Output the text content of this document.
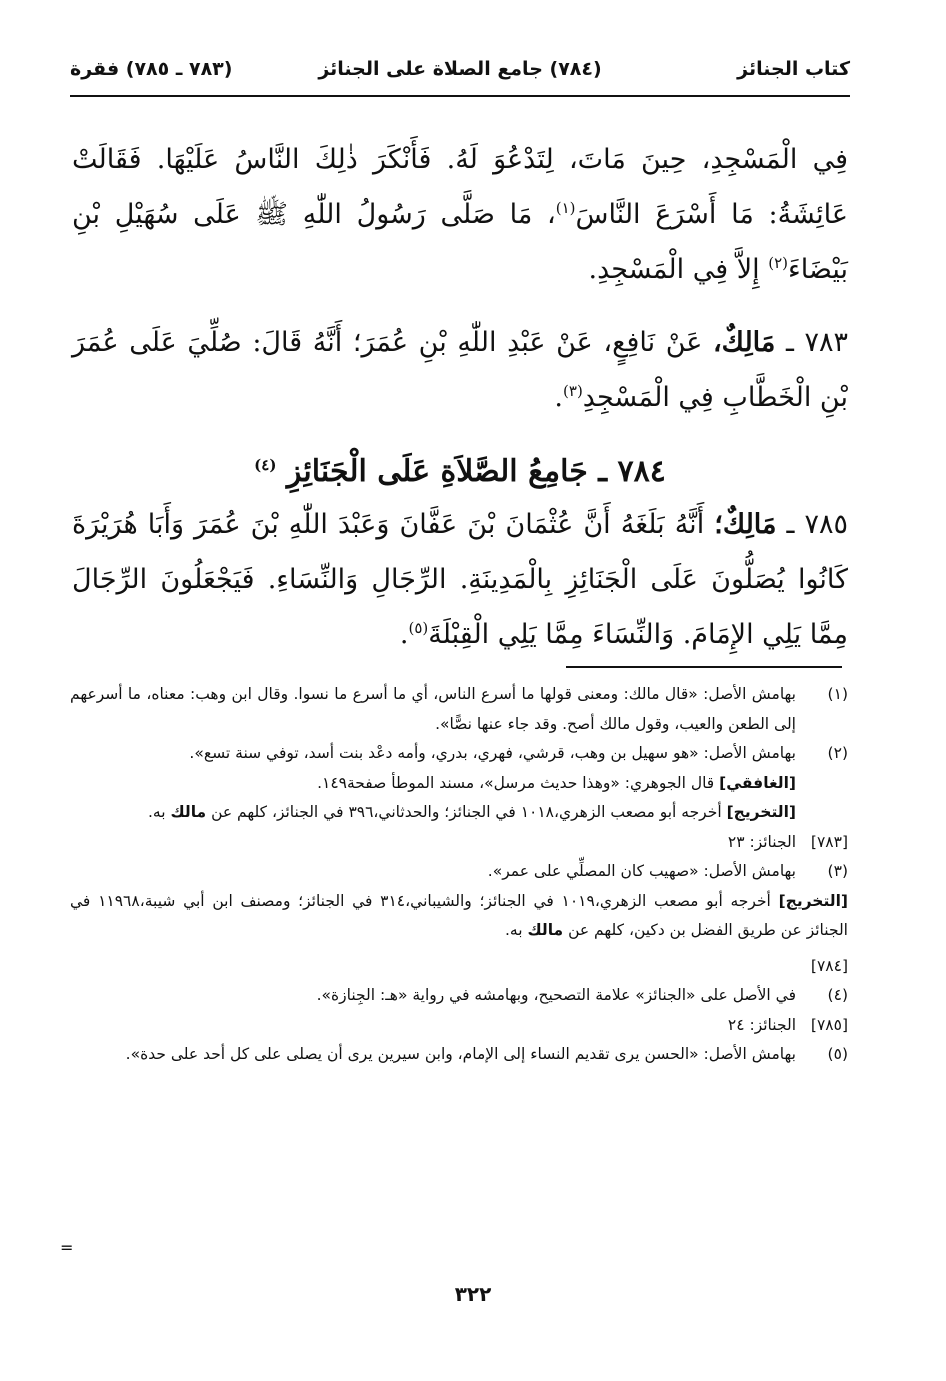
كتاب الجنائز
(٧٨٤) جامع الصلاة على الجنائز
(٧٨٣ ـ ٧٨٥) فقرة

فِي الْمَسْجِدِ، حِينَ مَاتَ، لِتَدْعُوَ لَهُ. فَأَنْكَرَ ذٰلِكَ النَّاسُ عَلَيْهَا. فَقَالَتْ عَائِشَةُ: مَا أَسْرَعَ النَّاسَ$^{(١)}$، مَا صَلَّى رَسُولُ اللّٰهِ ﷺ عَلَى سُهَيْلِ بْنِ بَيْضَاءَ$^{(٢)}$ إِلاَّ فِي الْمَسْجِدِ.

٧٨٣ ـ مَالِكٌ، عَنْ نَافِعٍ، عَنْ عَبْدِ اللّٰهِ بْنِ عُمَرَ؛ أَنَّهُ قَالَ: صُلِّيَ عَلَى عُمَرَ بْنِ الْخَطَّابِ فِي الْمَسْجِدِ$^{(٣)}$.

٧٨٤ ـ جَامِعُ الصَّلاَةِ عَلَى الْجَنَائِزِ $^{(٤)}$

٧٨٥ ـ مَالِكٌ؛ أَنَّهُ بَلَغَهُ أَنَّ عُثْمَانَ بْنَ عَفَّانَ وَعَبْدَ اللّٰهِ بْنَ عُمَرَ وَأَبَا هُرَيْرَةَ كَانُوا يُصَلُّونَ عَلَى الْجَنَائِزِ بِالْمَدِينَةِ. الرِّجَالِ وَالنِّسَاءِ. فَيَجْعَلُونَ الرِّجَالَ مِمَّا يَلِي الإِمَامَ. وَالنِّسَاءَ مِمَّا يَلِي الْقِبْلَةَ$^{(٥)}$.

(١)
بهامش الأصل: «قال مالك: ومعنى قولها ما أسرع الناس، أي ما أسرع ما نسوا. وقال ابن وهب: معناه، ما أسرعهم إلى الطعن والعيب، وقول مالك أصح. وقد جاء عنها نصًّا».
(٢)
بهامش الأصل: «هو سهيل بن وهب، قرشي، فهري، بدري، وأمه دعْد بنت أسد، توفي سنة تسع».
[الغافقي] قال الجوهري: «وهذا حديث مرسل»، مسند الموطأ صفحة١٤٩.
[التخريج] أخرجه أبو مصعب الزهري،١٠١٨ في الجنائز؛ والحدثاني،٣٩٦ في الجنائز، كلهم عن مالك به.
[٧٨٣]
الجنائز: ٢٣
(٣)
بهامش الأصل: «صهيب كان المصلِّي على عمر».
[التخريج] أخرجه أبو مصعب الزهري،١٠١٩ في الجنائز؛ والشيباني،٣١٤ في الجنائز؛ ومصنف ابن أبي شيبة،١١٩٦٨ في الجنائز عن طريق الفضل بن دكين، كلهم عن مالك به.
[٧٨٤]
(٤)
في الأصل على «الجنائز» علامة التصحيح، وبهامشه في رواية «هـ: الجِنازة».
[٧٨٥]
الجنائز: ٢٤
(٥)
بهامش الأصل: «الحسن يرى تقديم النساء إلى الإمام، وابن سيرين يرى أن يصلى على كل أحد على حدة».
=
٣٢٢
